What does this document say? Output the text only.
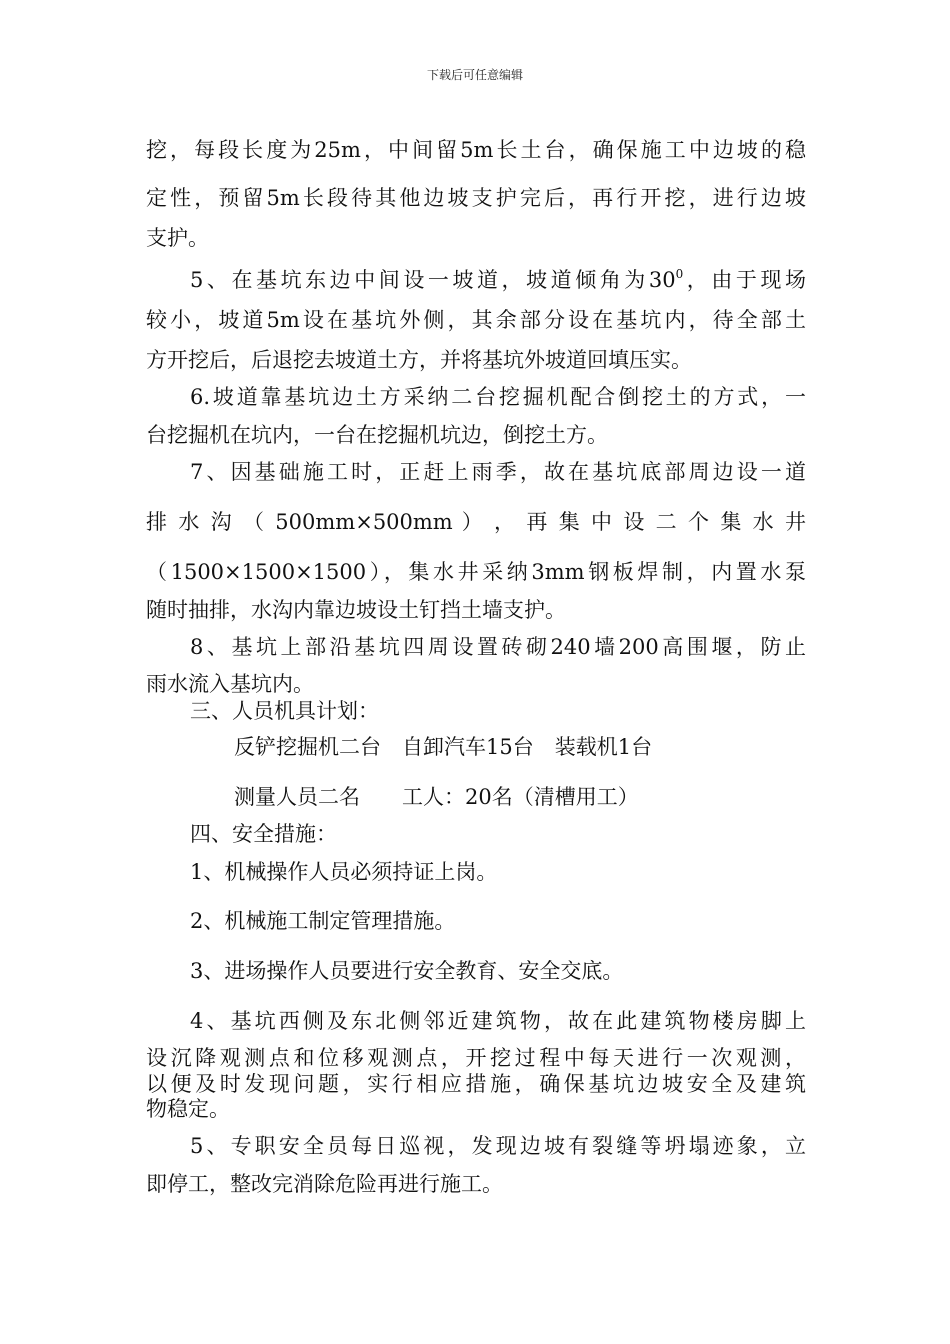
下载后可任意编辑
挖，每段长度为25m，中间留5m长土台，确保施工中边坡的稳
定性，预留5m长段待其他边坡支护完后，再行开挖，进行边坡
支护。
5、在基坑东边中间设一坡道，坡道倾角为$30^0$，由于现场
较小，坡道5m设在基坑外侧，其余部分设在基坑内，待全部土
方开挖后，后退挖去坡道土方，并将基坑外坡道回填压实。
6.坡道靠基坑边土方采纳二台挖掘机配合倒挖土的方式，一
台挖掘机在坑内，一台在挖掘机坑边，倒挖土方。
7、因基础施工时，正赶上雨季，故在基坑底部周边设一道
排 水 沟 （ 500mm×500mm ） ， 再 集 中 设 二 个 集 水 井
（1500×1500×1500），集水井采纳3mm钢板焊制，内置水泵
随时抽排，水沟内靠边坡设土钉挡土墙支护。
8、基坑上部沿基坑四周设置砖砌240墙200高围堰，防止
雨水流入基坑内。
三、人员机具计划：
反铲挖掘机二台　自卸汽车15台　装载机1台
测量人员二名　　工人：20名（清槽用工）
四、安全措施：
1、机械操作人员必须持证上岗。
2、机械施工制定管理措施。
3、进场操作人员要进行安全教育、安全交底。
4、基坑西侧及东北侧邻近建筑物，故在此建筑物楼房脚上
设沉降观测点和位移观测点，开挖过程中每天进行一次观测，
以便及时发现问题，实行相应措施，确保基坑边坡安全及建筑
物稳定。
5、专职安全员每日巡视，发现边坡有裂缝等坍塌迹象，立
即停工，整改完消除危险再进行施工。
